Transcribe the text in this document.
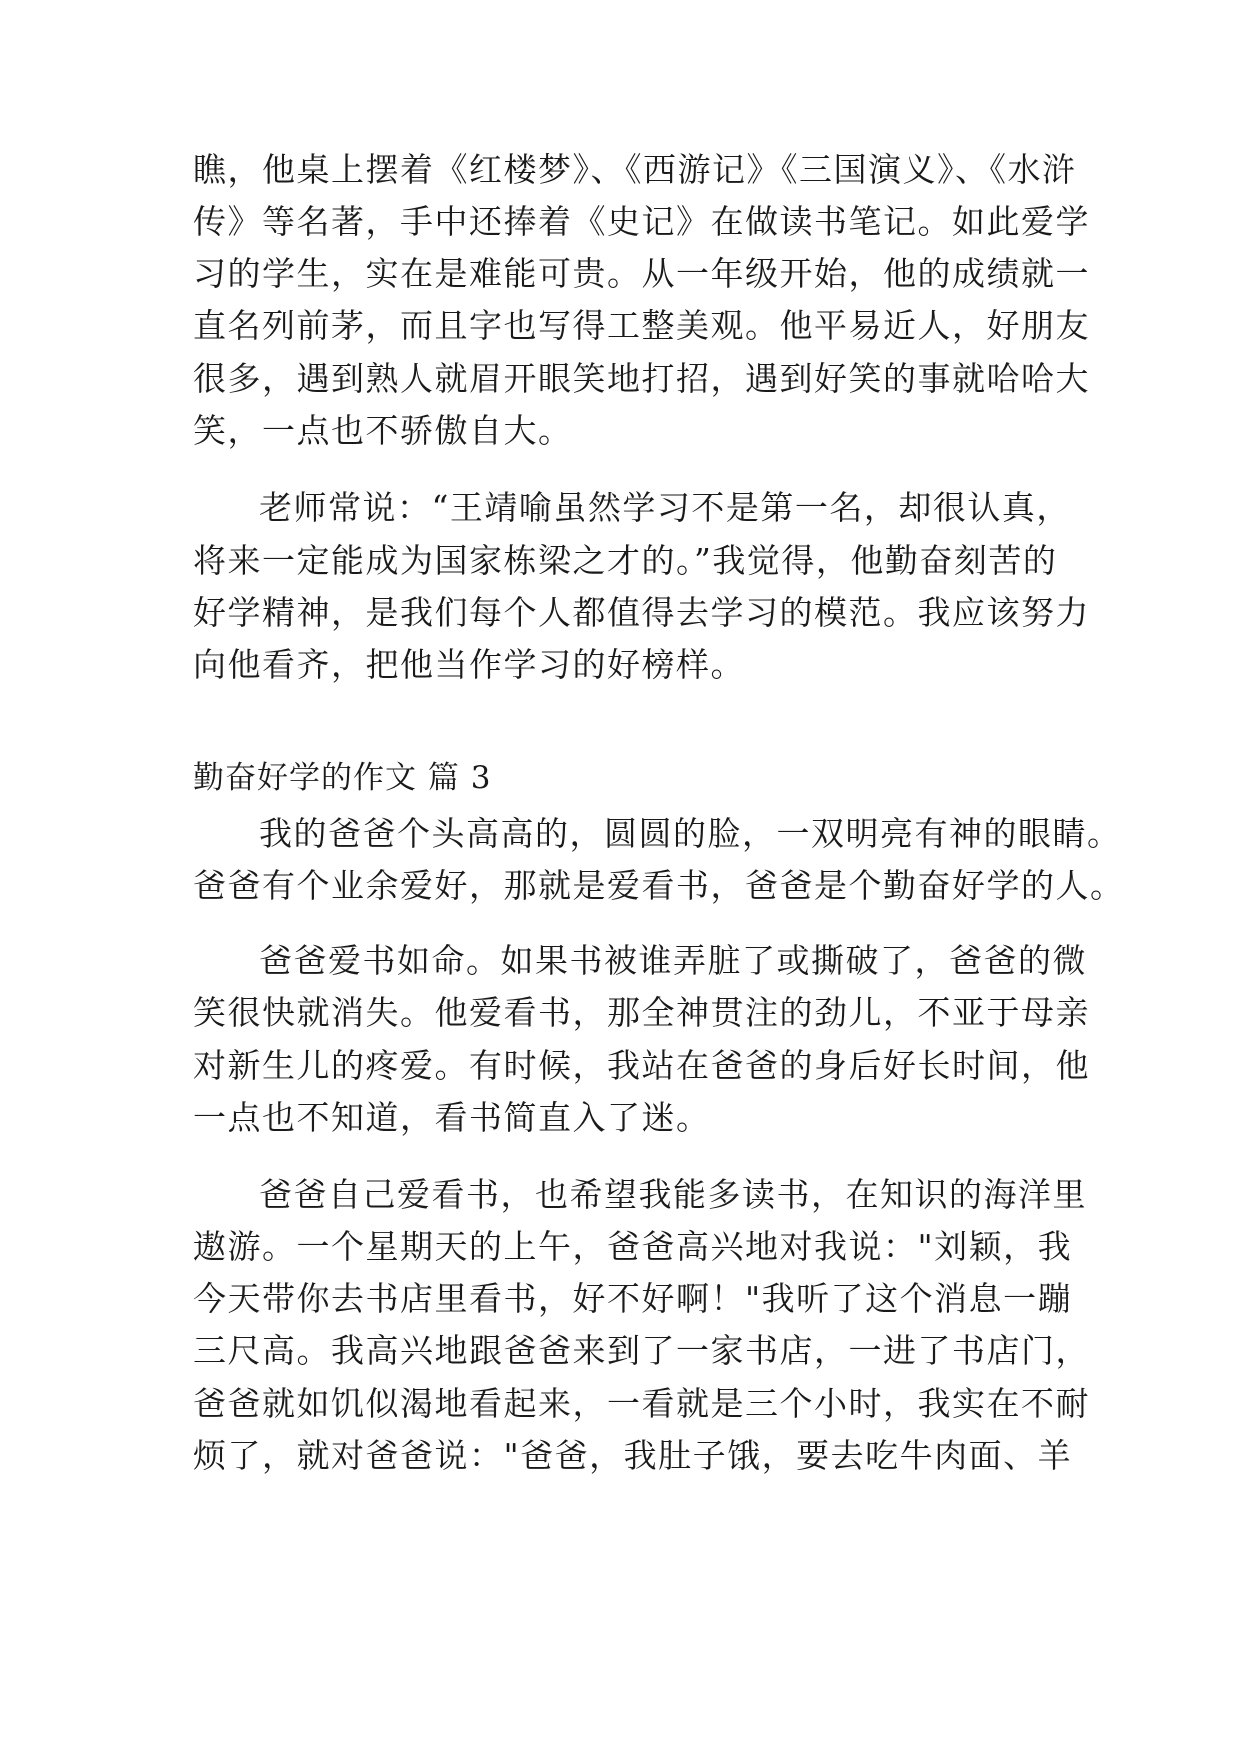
瞧，他桌上摆着《红楼梦》、《西游记》《三国演义》、《水浒
传》等名著，手中还捧着《史记》在做读书笔记。如此爱学
习的学生，实在是难能可贵。从一年级开始，他的成绩就一
直名列前茅，而且字也写得工整美观。他平易近人，好朋友
很多，遇到熟人就眉开眼笑地打招，遇到好笑的事就哈哈大
笑，一点也不骄傲自大。
老师常说：“王靖喻虽然学习不是第一名，却很认真，
将来一定能成为国家栋梁之才的。”我觉得，他勤奋刻苦的
好学精神，是我们每个人都值得去学习的模范。我应该努力
向他看齐，把他当作学习的好榜样。
勤奋好学的作文 篇 3
我的爸爸个头高高的，圆圆的脸，一双明亮有神的眼睛。
爸爸有个业余爱好，那就是爱看书，爸爸是个勤奋好学的人。
爸爸爱书如命。如果书被谁弄脏了或撕破了，爸爸的微
笑很快就消失。他爱看书，那全神贯注的劲儿，不亚于母亲
对新生儿的疼爱。有时候，我站在爸爸的身后好长时间，他
一点也不知道，看书简直入了迷。
爸爸自己爱看书，也希望我能多读书，在知识的海洋里
遨游。一个星期天的上午，爸爸高兴地对我说："刘颖，我
今天带你去书店里看书，好不好啊！"我听了这个消息一蹦
三尺高。我高兴地跟爸爸来到了一家书店，一进了书店门，
爸爸就如饥似渴地看起来，一看就是三个小时，我实在不耐
烦了，就对爸爸说："爸爸，我肚子饿，要去吃牛肉面、羊
